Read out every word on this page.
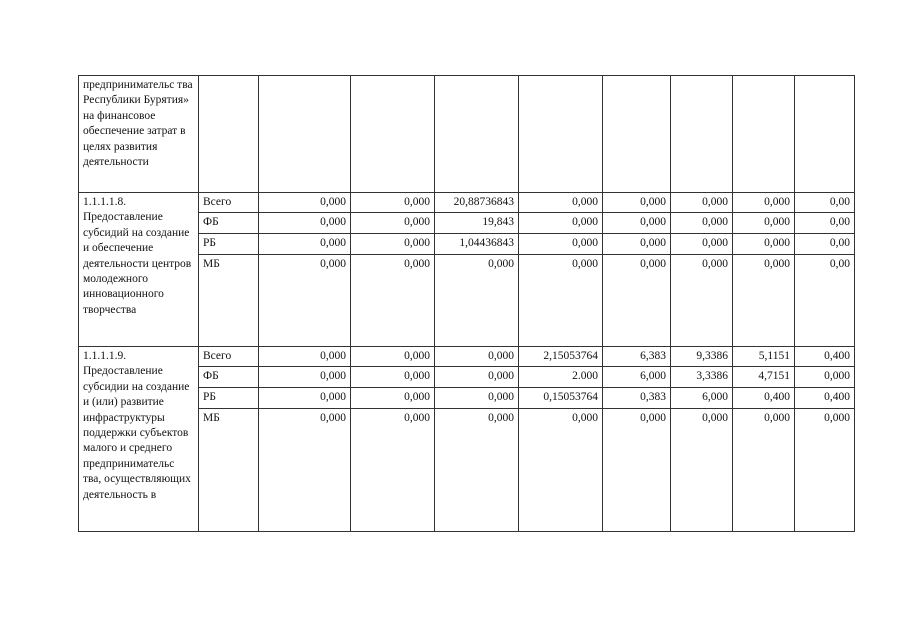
предпринимательс тва Республики Бурятия» на финансовое обеспечение затрат в целях развития деятельности									
1.1.1.1.8. Предоставление субсидий на создание и обеспечение деятельности центров молодежного инновационного творчества	Всего	0,000	0,000	20,88736843	0,000	0,000	0,000	0,000	0,00
	ФБ	0,000	0,000	19,843	0,000	0,000	0,000	0,000	0,00
	РБ	0,000	0,000	1,04436843	0,000	0,000	0,000	0,000	0,00
	МБ	0,000	0,000	0,000	0,000	0,000	0,000	0,000	0,00
1.1.1.1.9. Предоставление субсидии на создание и (или) развитие инфраструктуры поддержки субъектов малого и среднего предпринимательс тва, осуществляющих деятельность в	Всего	0,000	0,000	0,000	2,15053764	6,383	9,3386	5,1151	0,400
	ФБ	0,000	0,000	0,000	2.000	6,000	3,3386	4,7151	0,000
	РБ	0,000	0,000	0,000	0,15053764	0,383	6,000	0,400	0,400
	МБ	0,000	0,000	0,000	0,000	0,000	0,000	0,000	0,000
